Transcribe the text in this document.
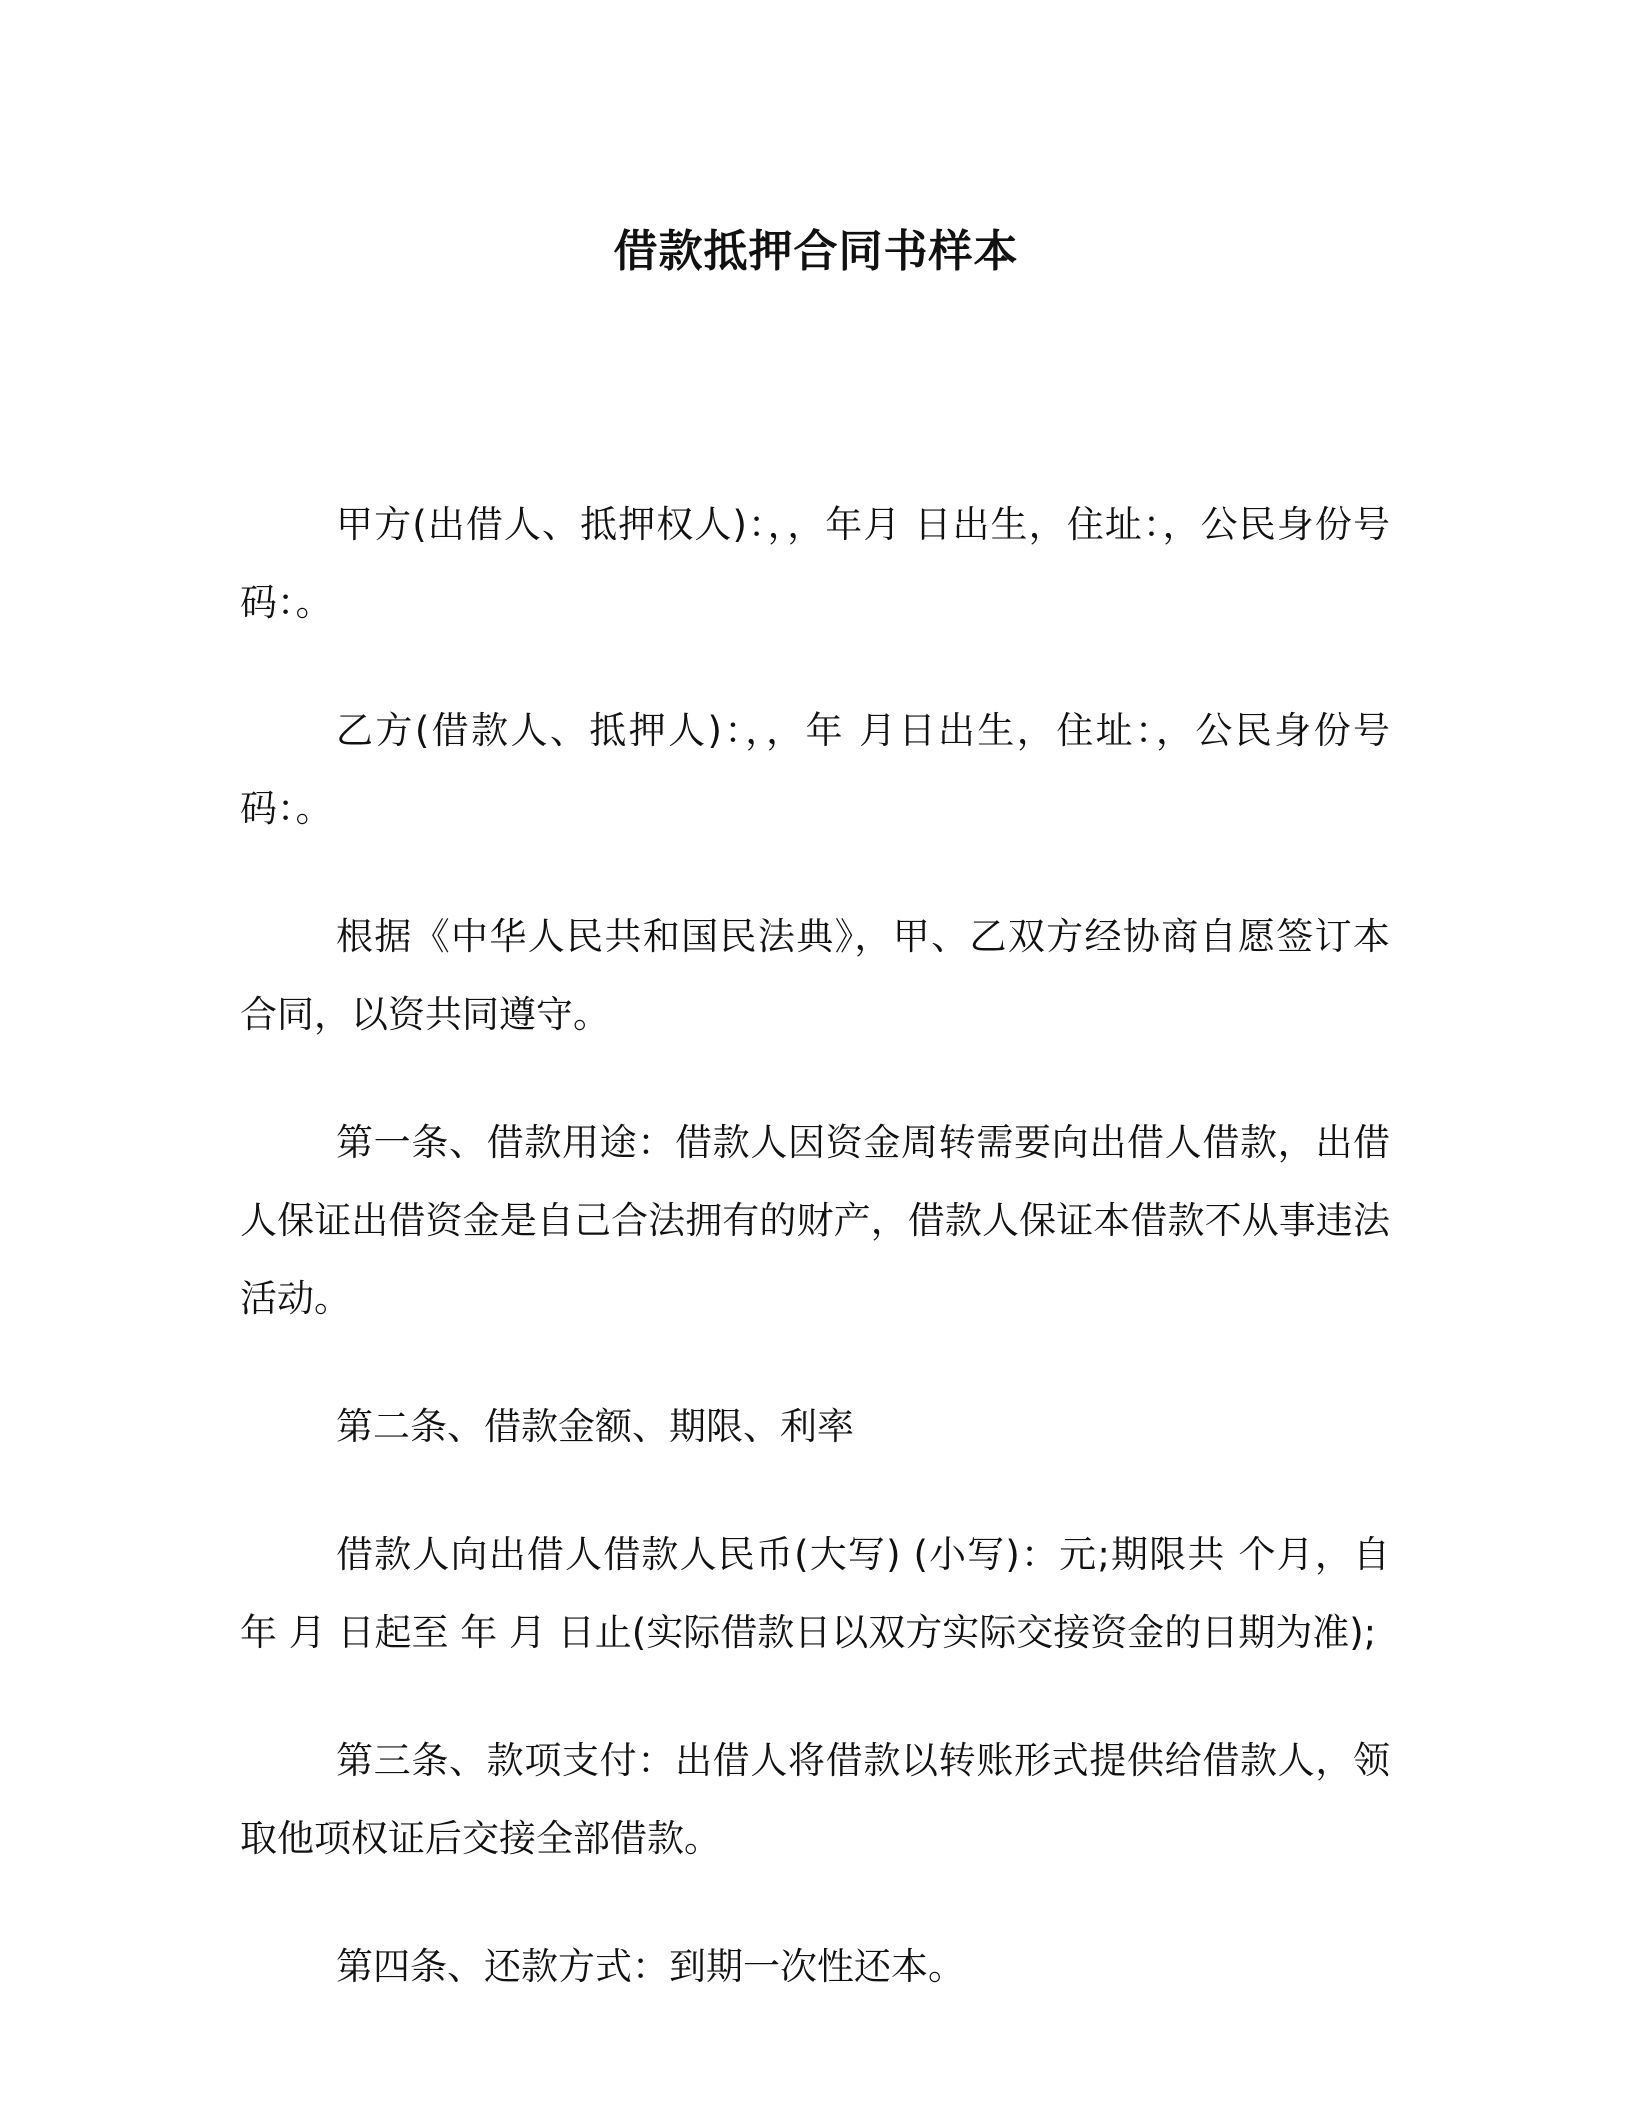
借款抵押合同书样本

甲方(出借人、抵押权人)：，，年月 日出生，住址：，公民身份号码：。

乙方(借款人、抵押人)：，，年 月日出生，住址：，公民身份号码：。

根据《中华人民共和国民法典》，甲、乙双方经协商自愿签订本合同，以资共同遵守。

第一条、借款用途：借款人因资金周转需要向出借人借款，出借人保证出借资金是自己合法拥有的财产，借款人保证本借款不从事违法活动。

第二条、借款金额、期限、利率

借款人向出借人借款人民币(大写) (小写)：元;期限共 个月，自年 月 日起至 年 月 日止(实际借款日以双方实际交接资金的日期为准);

第三条、款项支付：出借人将借款以转账形式提供给借款人，领取他项权证后交接全部借款。

第四条、还款方式：到期一次性还本。
